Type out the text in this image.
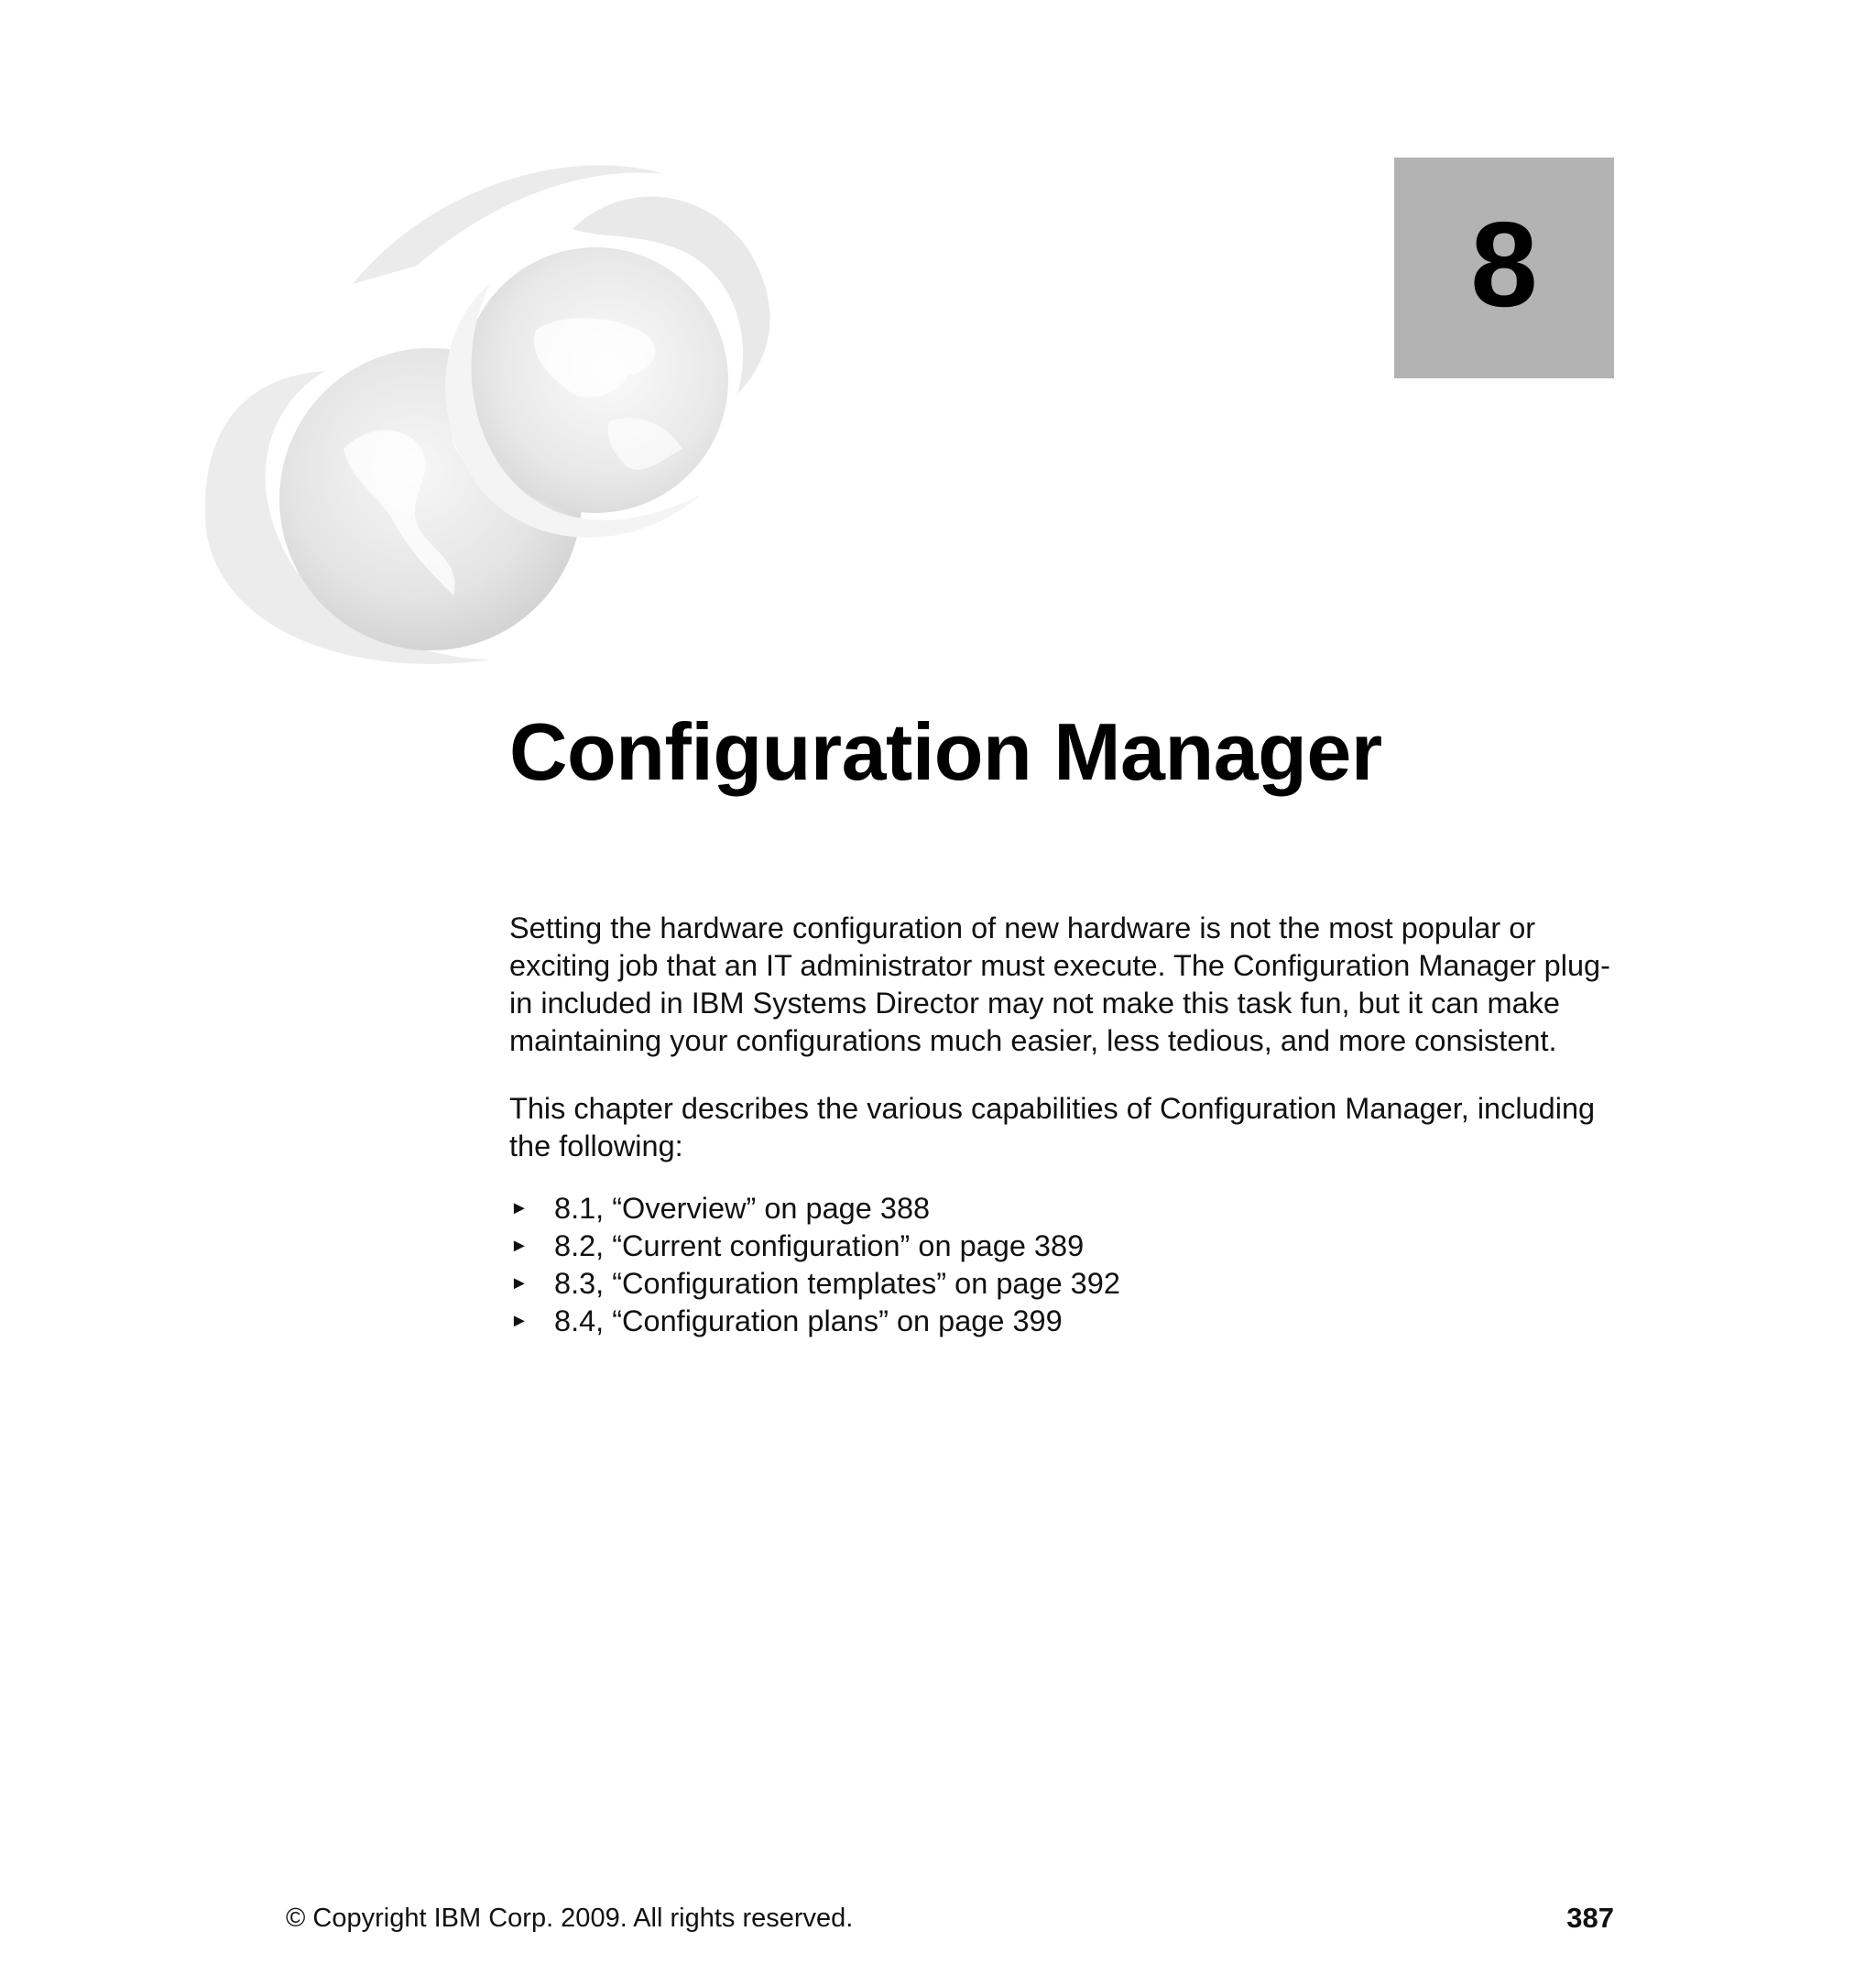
8
Configuration Manager

Setting the hardware configuration of new hardware is not the most popular or exciting job that an IT administrator must execute. The Configuration Manager plug-in included in IBM Systems Director may not make this task fun, but it can make maintaining your configurations much easier, less tedious, and more consistent.

This chapter describes the various capabilities of Configuration Manager, including the following:

► 8.1, “Overview” on page 388
► 8.2, “Current configuration” on page 389
► 8.3, “Configuration templates” on page 392
► 8.4, “Configuration plans” on page 399
© Copyright IBM Corp. 2009. All rights reserved.	387
